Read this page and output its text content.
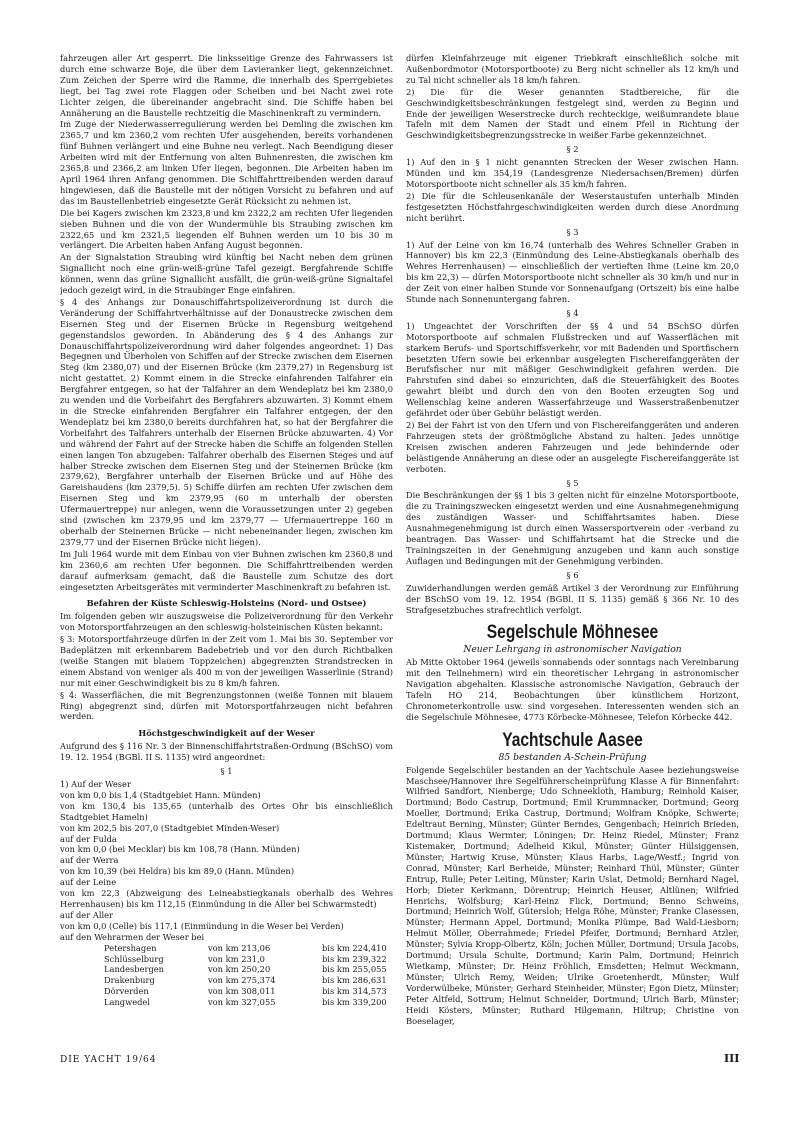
fahrzeugen aller Art gesperrt. Die linksseitige Grenze des Fahrwassers ist durch eine schwarze Boje, die über dem Lavieranker liegt, gekennzeichnet. Zum Zeichen der Sperre wird die Ramme, die innerhalb des Sperrgebietes liegt, bei Tag zwei rote Flaggen oder Scheiben und bei Nacht zwei rote Lichter zeigen, die übereinander angebracht sind. Die Schiffe haben bei Annäherung an die Baustelle rechtzeitig die Maschinenkraft zu vermindern.

Im Zuge der Niederwasserregulierung werden bei Demling die zwischen km 2365,7 und km 2360,2 vom rechten Ufer ausgehenden, bereits vorhandenen fünf Buhnen verlängert und eine Buhne neu verlegt. Nach Beendigung dieser Arbeiten wird mit der Entfernung von alten Buhnenresten, die zwischen km 2365,8 und 2366,2 am linken Ufer liegen, begonnen. Die Arbeiten haben im April 1964 ihren Anfang genommen. Die Schiffahrttreibenden werden darauf hingewiesen, daß die Baustelle mit der nötigen Vorsicht zu befahren und auf das im Baustellenbetrieb eingesetzte Gerät Rücksicht zu nehmen ist.

Die bei Kagers zwischen km 2323,8 und km 2322,2 am rechten Ufer liegenden sieben Buhnen und die von der Wundermühle bis Straubing zwischen km 2322,65 und km 2321,5 liegenden elf Buhnen werden um 10 bis 30 m verlängert. Die Arbeiten haben Anfang August begonnen.

An der Signalstation Straubing wird künftig bei Nacht neben dem grünen Signallicht noch eine grün-weiß-grüne Tafel gezeigt. Bergfahrende Schiffe können, wenn das grüne Signallicht ausfällt, die grün-weiß-grüne Signaltafel jedoch gezeigt wird, in die Straubinger Enge einfahren.

§ 4 des Anhangs zur Donauschiffahrtspolizeiverordnung ist durch die Veränderung der Schiffahrtverhältnisse auf der Donaustrecke zwischen dem Eisernen Steg und der Eisernen Brücke in Regensburg weitgehend gegenstandslos geworden. In Abänderung des § 4 des Anhangs zur Donauschiffahrtspolizeiverordnung wird daher folgendes angeordnet: 1) Das Begegnen und Überholen von Schiffen auf der Strecke zwischen dem Eisernen Steg (km 2380,07) und der Eisernen Brücke (km 2379,27) in Regensburg ist nicht gestattet. 2) Kommt einem in die Strecke einfahrenden Talfahrer ein Bergfahrer entgegen, so hat der Talfahrer an dem Wendeplatz bei km 2380,0 zu wenden und die Vorbeifahrt des Bergfahrers abzuwarten. 3) Kommt einem in die Strecke einfahrenden Bergfahrer ein Talfahrer entgegen, der den Wendeplatz bei km 2380,0 bereits durchfahren hat, so hat der Bergfahrer die Vorbeifahrt des Talfahrers unterhalb der Eisernen Brücke abzuwarten. 4) Vor und während der Fahrt auf der Strecke haben die Schiffe an folgenden Stellen einen langen Ton abzugeben: Talfahrer oberhalb des Eisernen Steges und auf halber Strecke zwischen dem Eisernen Steg und der Steinernen Brücke (km 2379,62), Bergfahrer unterhalb der Eisernen Brücke und auf Höhe des Gareishaudens (km 2379,5). 5) Schiffe dürfen am rechten Ufer zwischen dem Eisernen Steg und km 2379,95 (60 m unterhalb der obersten Ufermauertreppe) nur anlegen, wenn die Voraussetzungen unter 2) gegeben sind (zwischen km 2379,95 und km 2379,77 — Ufermauertreppe 160 m oberhalb der Steinernen Brücke — nicht nebeneinander liegen, zwischen km 2379,77 und der Eisernen Brücke nicht liegen).

Im Juli 1964 wurde mit dem Einbau von vier Buhnen zwischen km 2360,8 und km 2360,6 am rechten Ufer begonnen. Die Schiffahrttreibenden werden darauf aufmerksam gemacht, daß die Baustelle zum Schutze des dort eingesetzten Arbeitsgerätes mit verminderter Maschinenkraft zu befahren ist.

Befahren der Küste Schleswig-Holsteins (Nord- und Ostsee)

Im folgenden geben wir auszugsweise die Polizeiverordnung für den Verkehr von Motorsportfahrzeugen an den schleswig-holsteinischen Küsten bekannt:

§ 3: Motorsportfahrzeuge dürfen in der Zeit vom 1. Mai bis 30. September vor Badeplätzen mit erkennbarem Badebetrieb und vor den durch Richtbalken (weiße Stangen mit blauem Toppzeichen) abgegrenzten Strandstrecken in einem Abstand von weniger als 400 m von der jeweiligen Wasserlinie (Strand) nur mit einer Geschwindigkeit bis zu 8 km/h fahren.

§ 4: Wasserflächen, die mit Begrenzungstonnen (weiße Tonnen mit blauem Ring) abgegrenzt sind, dürfen mit Motorsportfahrzeugen nicht befahren werden.

Höchstgeschwindigkeit auf der Weser

Aufgrund des § 116 Nr. 3 der Binnenschiffahrtstraßen-Ordnung (BSchSO) vom 19. 12. 1954 (BGBl. II S. 1135) wird angeordnet:

§ 1

1) Auf der Weser

von km 0,0 bis 1,4 (Stadtgebiet Hann. Münden)

von km 130,4 bis 135,65 (unterhalb des Ortes Ohr bis einschließlich Stadtgebiet Hameln)

von km 202,5 bis 207,0 (Stadtgebiet Minden-Weser)

auf der Fulda

von km 0,0 (bei Mecklar) bis km 108,78 (Hann. Münden)

auf der Werra

von km 10,39 (bei Heldra) bis km 89,0 (Hann. Münden)

auf der Leine

von km 22,3 (Abzweigung des Leineabstiegkanals oberhalb des Wehres Herrenhausen) bis km 112,15 (Einmündung in die Aller bei Schwarmstedt)

auf der Aller

von km 0,0 (Celle) bis 117,1 (Einmündung in die Weser bei Verden)

auf den Wehrarmen der Weser bei

Petershagen	von km 213,06	bis km 224,410
Schlüsselburg	von km 231,0	bis km 239,322
Landesbergen	von km 250,20	bis km 255,055
Drakenburg	von km 275,374	bis km 286,631
Dörverden	von km 308,011	bis km 314,573
Langwedel	von km 327,055	bis km 339,200

dürfen Kleinfahrzeuge mit eigener Triebkraft einschließlich solche mit Außenbordmotor (Motorsportboote) zu Berg nicht schneller als 12 km/h und zu Tal nicht schneller als 18 km/h fahren.

2) Die für die Weser genannten Stadtbereiche, für die Geschwindigkeitsbeschränkungen festgelegt sind, werden zu Beginn und Ende der jeweiligen Weserstrecke durch rechteckige, weißumrandete blaue Tafeln mit dem Namen der Stadt und einem Pfeil in Richtung der Geschwindigkeitsbegrenzungsstrecke in weißer Farbe gekennzeichnet.

§ 2

1) Auf den in § 1 nicht genannten Strecken der Weser zwischen Hann. Münden und km 354,19 (Landesgrenze Niedersachsen/Bremen) dürfen Motorsportboote nicht schneller als 35 km/h fahren.

2) Die für die Schleusenkanäle der Weserstaustufen unterhalb Minden festgesetzten Höchstfahrgeschwindigkeiten werden durch diese Anordnung nicht berührt.

§ 3

1) Auf der Leine von km 16,74 (unterhalb des Wehres Schneller Graben in Hannover) bis km 22,3 (Einmündung des Leine-Abstiegkanals oberhalb des Wehres Herrenhausen) — einschließlich der vertieften Ihme (Leine km 20,0 bis km 22,3) — dürfen Motorsportboote nicht schneller als 30 km/h und nur in der Zeit von einer halben Stunde vor Sonnenaufgang (Ortszeit) bis eine halbe Stunde nach Sonnenuntergang fahren.

§ 4

1) Ungeachtet der Vorschriften der §§ 4 und 54 BSchSO dürfen Motorsportboote auf schmalen Flußstrecken und auf Wasserflächen mit starkem Berufs- und Sportschiffsverkehr, vor mit Badenden und Sportfischern besetzten Ufern sowie bei erkennbar ausgelegten Fischereifanggeräten der Berufsfischer nur mit mäßiger Geschwindigkeit gefahren werden. Die Fahrstufen sind dabei so einzurichten, daß die Steuerfähigkeit des Bootes gewahrt bleibt und durch den von den Booten erzeugten Sog und Wellenschlag keine anderen Wasserfahrzeuge und Wasserstraßenbenutzer gefährdet oder über Gebühr belästigt werden.

2) Bei der Fahrt ist von den Ufern und von Fischereifanggeräten und anderen Fahrzeugen stets der größtmögliche Abstand zu halten. Jedes unnötige Kreisen zwischen anderen Fahrzeugen und jede behindernde oder belästigende Annäherung an diese oder an ausgelegte Fischereifanggeräte ist verboten.

§ 5

Die Beschränkungen der §§ 1 bis 3 gelten nicht für einzelne Motorsportboote, die zu Trainingszwecken eingesetzt werden und eine Ausnahmegenehmigung des zuständigen Wasser- und Schiffahrtsamtes haben. Diese Ausnahmegenehmigung ist durch einen Wassersportverein oder -verband zu beantragen. Das Wasser- und Schiffahrtsamt hat die Strecke und die Trainingszeiten in der Genehmigung anzugeben und kann auch sonstige Auflagen und Bedingungen mit der Genehmigung verbinden.

§ 6

Zuwiderhandlungen werden gemäß Artikel 3 der Verordnung zur Einführung der BSchSO vom 19. 12. 1954 (BGBl. II S. 1135) gemäß § 366 Nr. 10 des Strafgesetzbuches strafrechtlich verfolgt.

Segelschule Möhnesee

Neuer Lehrgang in astronomischer Navigation

Ab Mitte Oktober 1964 (jeweils sonnabends oder sonntags nach Vereinbarung mit den Teilnehmern) wird ein theoretischer Lehrgang in astronomischer Navigation abgehalten. Klassische astronomische Navigation, Gebrauch der Tafeln HO 214, Beobachtungen über künstlichem Horizont, Chronometerkontrolle usw. sind vorgesehen. Interessenten wenden sich an die Segelschule Möhnesee, 4773 Körbecke-Möhnesee, Telefon Körbecke 442.

Yachtschule Aasee

85 bestanden A-Schein-Prüfung

Folgende Segelschüler bestanden an der Yachtschule Aasee beziehungsweise Maschsee/Hannover ihre Segelführerscheinprüfung Klasse A für Binnenfahrt: Wilfried Sandfort, Nienberge; Udo Schneekloth, Hamburg; Reinhold Kaiser, Dortmund; Bodo Castrup, Dortmund; Emil Krummnacker, Dortmund; Georg Moeller, Dortmund; Erika Castrup, Dortmund; Wolfram Knöpke, Schwerte; Edeltraut Berning, Münster; Günter Berndes, Gengenbach; Heinrich Brieden, Dortmund; Klaus Wermter, Löningen; Dr. Heinz Riedel, Münster; Franz Kistemaker, Dortmund; Adelheid Kikul, Münster; Günter Hülsiggensen, Münster; Hartwig Kruse, Münster; Klaus Harbs, Lage/Westf.; Ingrid von Conrad, Münster; Karl Berheide, Münster; Reinhard Thül, Münster; Günter Entrup, Rulle; Peter Leiting, Münster; Karin Uslat, Detmold; Bernhard Nagel, Horb; Dieter Kerkmann, Dörentrup; Heinrich Heuser, Altlünen; Wilfried Henrichs, Wolfsburg; Karl-Heinz Flick, Dortmund; Benno Schweins, Dortmund; Heinrich Wolf, Gütersloh; Helga Röhe, Münster; Franke Clasessen, Münster; Hermann Appel, Dortmund; Monika Plümpe, Bad Wald-Liesborn; Helmut Möller, Oberrahmede; Friedel Pfeifer, Dortmund; Bernhard Atzler, Münster; Sylvia Kropp-Olbertz, Köln; Jochen Müller, Dortmund; Ursula Jacobs, Dortmund; Ursula Schulte, Dortmund; Karin Palm, Dortmund; Heinrich Wietkamp, Münster; Dr. Heinz Fröhlich, Emsdetten; Helmut Weckmann, Münster; Ulrich Remy, Weiden; Ulrike Groetenherdt, Münster; Wulf Vorderwülbeke, Münster; Gerhard Steinheider, Münster; Egon Dietz, Münster; Peter Altfeld, Sottrum; Helmut Schneider, Dortmund; Ulrich Barb, Münster; Heidi Kösters, Münster; Ruthard Hilgemann, Hiltrup; Christine von Boeselager,

DIE YACHT 19/64	III
